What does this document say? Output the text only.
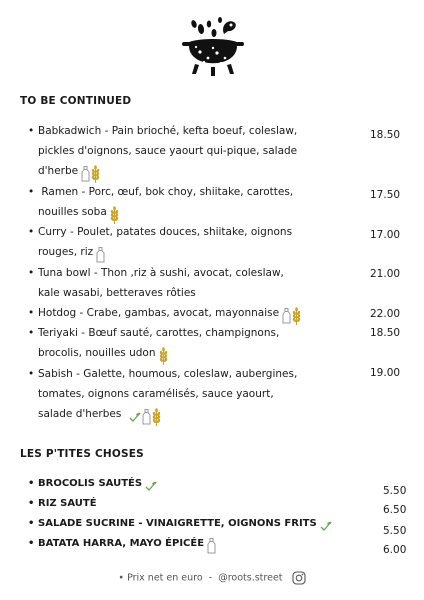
TO BE CONTINUED
• Babkadwich - Pain brioché, kefta boeuf, coleslaw,
pickles d'oignons, sauce yaourt qui-pique, salade
d'herbe
18.50
• Ramen - Porc, œuf, bok choy, shiitake, carottes,
nouilles soba
17.50
• Curry - Poulet, patates douces, shiitake, oignons
rouges, riz
17.00
• Tuna bowl - Thon ,riz à sushi, avocat, coleslaw,
kale wasabi, betteraves rôties
21.00
• Hotdog - Crabe, gambas, avocat, mayonnaise	22.00
• Teriyaki - Bœuf sauté, carottes, champignons,
brocolis, nouilles udon
18.50
• Sabish - Galette, houmous, coleslaw, aubergines,
tomates, oignons caramélisés, sauce yaourt,
salade d'herbes
19.00
LES P'TITES CHOSES
• BROCOLIS SAUTÉS
5.50
• RIZ SAUTÉ
6.50
• SALADE SUCRINE - VINAIGRETTE, OIGNONS FRITS
5.50
• BATATA HARRA, MAYO ÉPICÉE
6.00
• Prix net en euro - @roots.street
